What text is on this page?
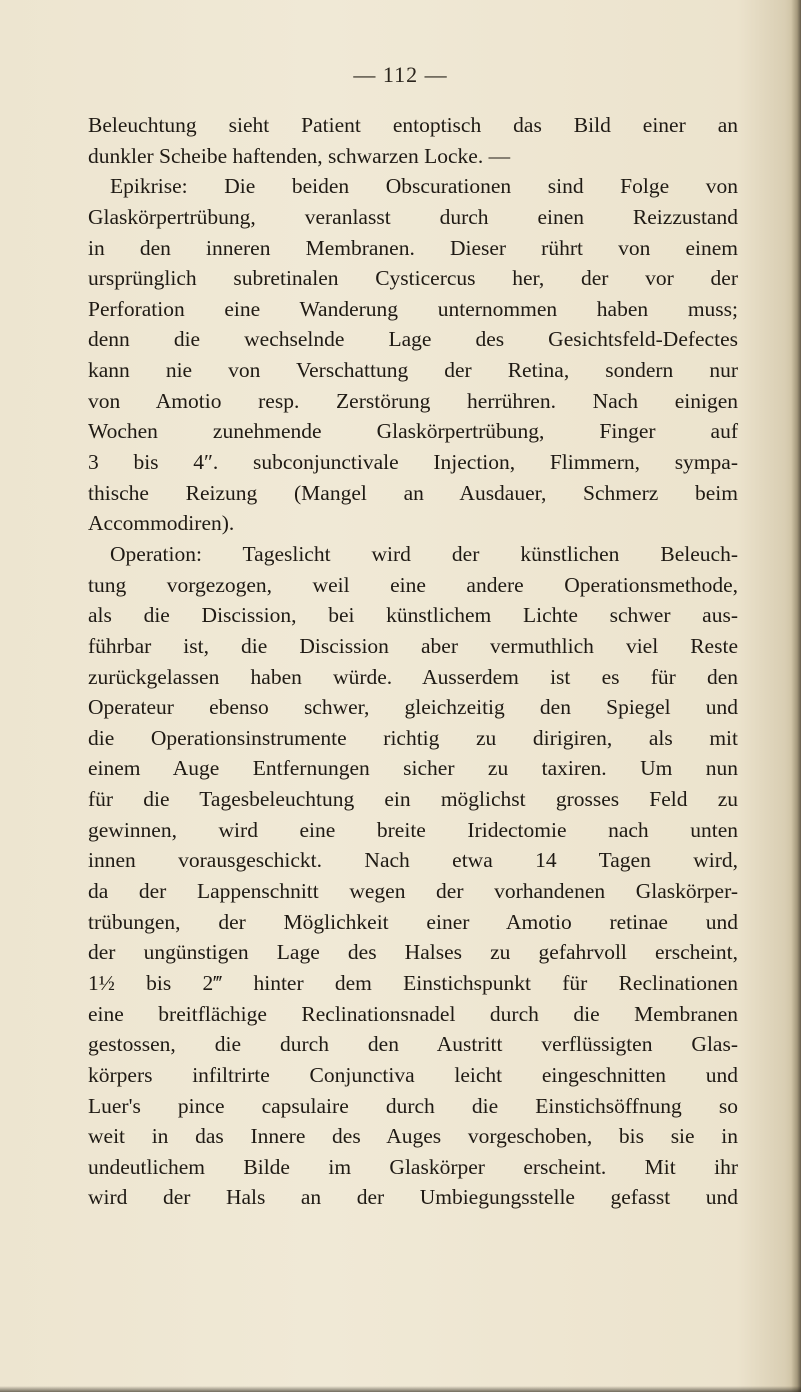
— 112 —
Beleuchtung sieht Patient entoptisch das Bild einer an
dunkler Scheibe haftenden, schwarzen Locke. —
Epikrise: Die beiden Obscurationen sind Folge von
Glaskörpertrübung, veranlasst durch einen Reizzustand
in den inneren Membranen. Dieser rührt von einem
ursprünglich subretinalen Cysticercus her, der vor der
Perforation eine Wanderung unternommen haben muss;
denn die wechselnde Lage des Gesichtsfeld-Defectes
kann nie von Verschattung der Retina, sondern nur
von Amotio resp. Zerstörung herrühren. Nach einigen
Wochen zunehmende Glaskörpertrübung, Finger auf
3 bis 4″. subconjunctivale Injection, Flimmern, sympa-
thische Reizung (Mangel an Ausdauer, Schmerz beim
Accommodiren).
Operation: Tageslicht wird der künstlichen Beleuch-
tung vorgezogen, weil eine andere Operationsmethode,
als die Discission, bei künstlichem Lichte schwer aus-
führbar ist, die Discission aber vermuthlich viel Reste
zurückgelassen haben würde. Ausserdem ist es für den
Operateur ebenso schwer, gleichzeitig den Spiegel und
die Operationsinstrumente richtig zu dirigiren, als mit
einem Auge Entfernungen sicher zu taxiren. Um nun
für die Tagesbeleuchtung ein möglichst grosses Feld zu
gewinnen, wird eine breite Iridectomie nach unten
innen vorausgeschickt. Nach etwa 14 Tagen wird,
da der Lappenschnitt wegen der vorhandenen Glaskörper-
trübungen, der Möglichkeit einer Amotio retinae und
der ungünstigen Lage des Halses zu gefahrvoll erscheint,
1½ bis 2‴ hinter dem Einstichspunkt für Reclinationen
eine breitflächige Reclinationsnadel durch die Membranen
gestossen, die durch den Austritt verflüssigten Glas-
körpers infiltrirte Conjunctiva leicht eingeschnitten und
Luer's pince capsulaire durch die Einstichsöffnung so
weit in das Innere des Auges vorgeschoben, bis sie in
undeutlichem Bilde im Glaskörper erscheint. Mit ihr
wird der Hals an der Umbiegungsstelle gefasst und
